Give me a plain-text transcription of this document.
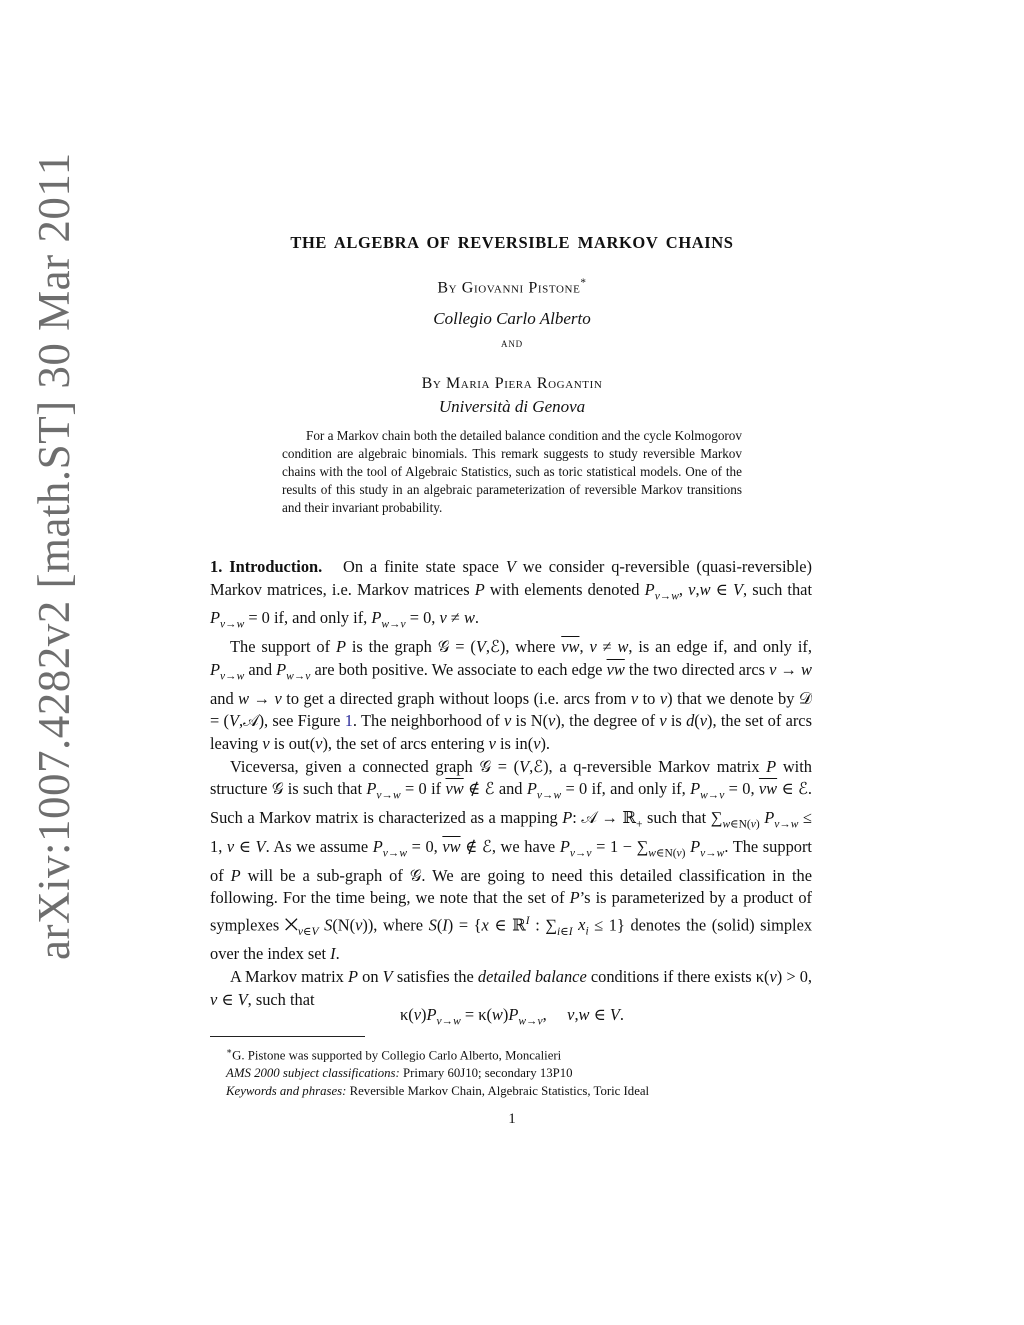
arXiv:1007.4282v2 [math.ST] 30 Mar 2011	THE ALGEBRA OF REVERSIBLE MARKOV CHAINS
By Giovanni Pistone*
Collegio Carlo Alberto
and
By Maria Piera Rogantin
Università di Genova

For a Markov chain both the detailed balance condition and the cycle Kolmogorov condition are algebraic binomials. This remark suggests to study reversible Markov chains with the tool of Algebraic Statistics, such as toric statistical models. One of the results of this study in an algebraic parameterization of reversible Markov transitions and their invariant probability.

1. Introduction.   On a finite state space V we consider q-reversible (quasi-reversible) Markov matrices, i.e. Markov matrices P with elements denoted $P_{v\to w}$, v,w ∈ V, such that $P_{v\to w} = 0$ if, and only if, $P_{w\to v} = 0$, v ≠ w.

The support of P is the graph 𝒢 = (V,ℰ), where $\overline{vw}$, v ≠ w, is an edge if, and only if, $P_{v\to w}$ and $P_{w\to v}$ are both positive. We associate to each edge $\overline{vw}$ the two directed arcs v → w and w → v to get a directed graph without loops (i.e. arcs from v to v) that we denote by 𝒟 = (V,𝒜), see Figure 1. The neighborhood of v is N(v), the degree of v is d(v), the set of arcs leaving v is out(v), the set of arcs entering v is in(v).

Viceversa, given a connected graph 𝒢 = (V,ℰ), a q-reversible Markov matrix P with structure 𝒢 is such that $P_{v\to w} = 0$ if $\overline{vw}$ ∉ ℰ and $P_{v\to w} = 0$ if, and only if, $P_{w\to v} = 0$, $\overline{vw}$ ∈ ℰ. Such a Markov matrix is characterized as a mapping P: 𝒜 → ℝ$_+$ such that $\sum_{w\in N(v)}$ $P_{v\to w} \le 1$, v ∈ V. As we assume $P_{v\to w} = 0$, $\overline{vw}$ ∉ ℰ, we have $P_{v\to v} = 1 - \sum_{w\in N(v)}$ $P_{v\to w}$. The support of P will be a sub-graph of 𝒢. We are going to need this detailed classification in the following. For the time being, we note that the set of P’s is parameterized by a product of symplexes $⨉_{v\in V}$ S(N(v)), where S(I) = {x ∈ ℝ$^I$ : $\sum_{i\in I}$ $x_i \le 1$} denotes the (solid) simplex over the index set I.

A Markov matrix P on V satisfies the detailed balance conditions if there exists κ(v) > 0, v ∈ V, such that

$\kappa(v)P_{v\to w} = \kappa(w)P_{w\to v}$,     v,w ∈ V.
∗G. Pistone was supported by Collegio Carlo Alberto, Moncalieri
AMS 2000 subject classifications: Primary 60J10; secondary 13P10
Keywords and phrases: Reversible Markov Chain, Algebraic Statistics, Toric Ideal
1
